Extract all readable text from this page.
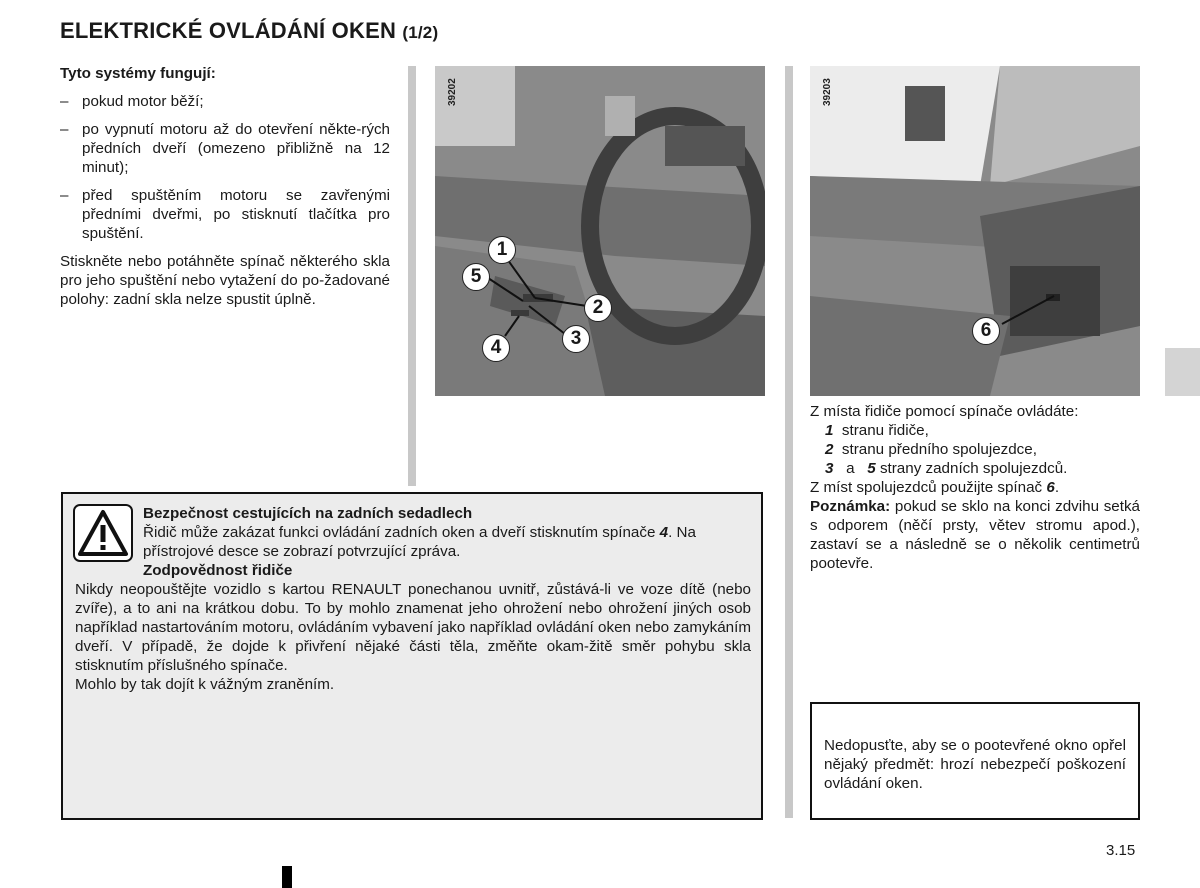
ELEKTRICKÉ OVLÁDÁNÍ OKEN (1/2)
Tyto systémy fungují:
– pokud motor běží;
– po vypnutí motoru až do otevření někte-rých předních dveří (omezeno přibližně na 12 minut);
– před spuštěním motoru se zavřenými předními dveřmi, po stisknutí tlačítka pro spuštění.
Stiskněte nebo potáhněte spínač některého skla pro jeho spuštění nebo vytažení do po-žadované polohy: zadní skla nelze spustit úplně.
39202
1
5
2
3
4
39203
6
Z místa řidiče pomocí spínače ovládáte:
1 stranu řidiče,
2 stranu předního spolujezdce,
3 a 5 strany zadních spolujezdců.
Z míst spolujezdců použijte spínač 6.
Poznámka: pokud se sklo na konci zdvihu setká s odporem (něčí prsty, větev stromu apod.), zastaví se a následně se o několik centimetrů pootevře.
Bezpečnost cestujících na zadních sedadlech
Řidič může zakázat funkci ovládání zadních oken a dveří stisknutím spínače 4. Na přístrojové desce se zobrazí potvrzující zpráva.
Zodpovědnost řidiče
Nikdy neopouštějte vozidlo s kartou RENAULT ponechanou uvnitř, zůstává-li ve voze dítě (nebo zvíře), a to ani na krátkou dobu. To by mohlo znamenat jeho ohrožení nebo ohrožení jiných osob například nastartováním motoru, ovládáním vybavení jako například ovládání oken nebo zamykáním dveří. V případě, že dojde k přivření nějaké části těla, změňte okam-žitě směr pohybu skla stisknutím příslušného spínače.
Mohlo by tak dojít k vážným zraněním.
Nedopusťte, aby se o pootevřené okno opřel nějaký předmět: hrozí nebezpečí poškození ovládání oken.
3.15
